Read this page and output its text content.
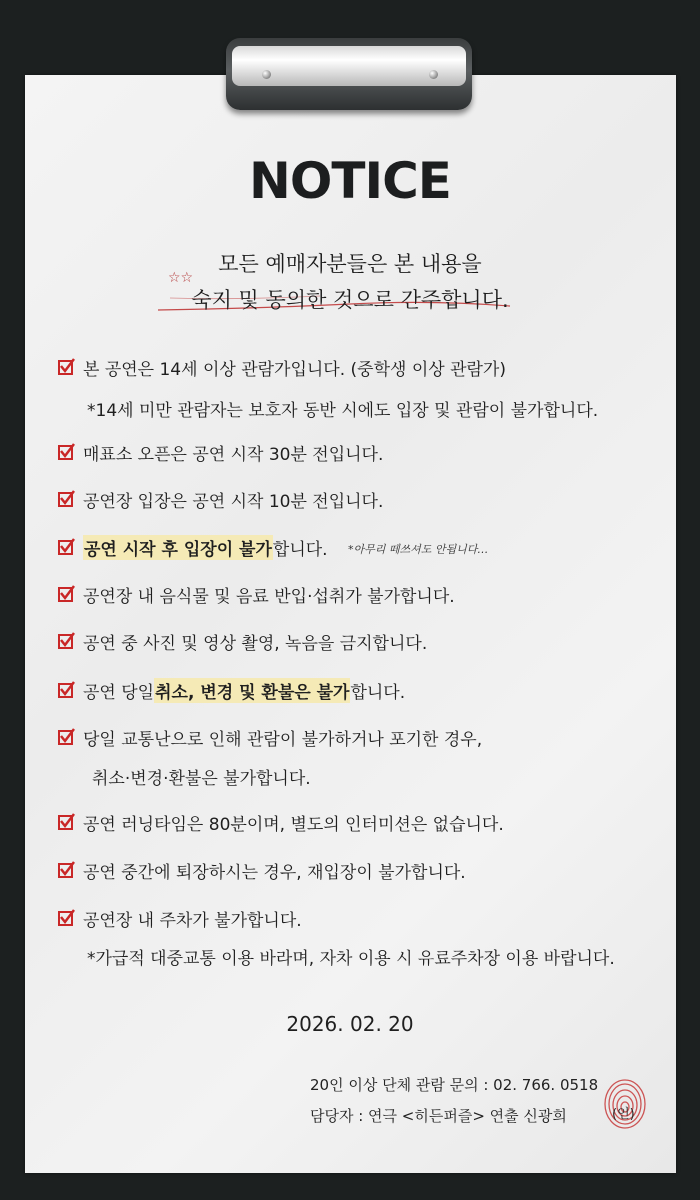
NOTICE
☆☆
모든 예매자분들은 본 내용을
숙지 및 동의한 것으로 간주합니다.
본 공연은 14세 이상 관람가입니다. (중학생 이상 관람가)
*14세 미만 관람자는 보호자 동반 시에도 입장 및 관람이 불가합니다.
매표소 오픈은 공연 시작 30분 전입니다.
공연장 입장은 공연 시작 10분 전입니다.
공연 시작 후 입장이 불가 합니다. *아무리 떼쓰셔도 안됩니다…
공연장 내 음식물 및 음료 반입·섭취가 불가합니다.
공연 중 사진 및 영상 촬영, 녹음을 금지합니다.
공연 당일 취소, 변경 및 환불은 불가 합니다.
당일 교통난으로 인해 관람이 불가하거나 포기한 경우,
취소·변경·환불은 불가합니다.
공연 러닝타임은 80분이며, 별도의 인터미션은 없습니다.
공연 중간에 퇴장하시는 경우, 재입장이 불가합니다.
공연장 내 주차가 불가합니다.
*가급적 대중교통 이용 바라며, 자차 이용 시 유료주차장 이용 바랍니다.
2026. 02. 20
20인 이상 단체 관람 문의 : 02. 766. 0518
담당자 : 연극 <히든퍼즐> 연출 신광희	(인)
